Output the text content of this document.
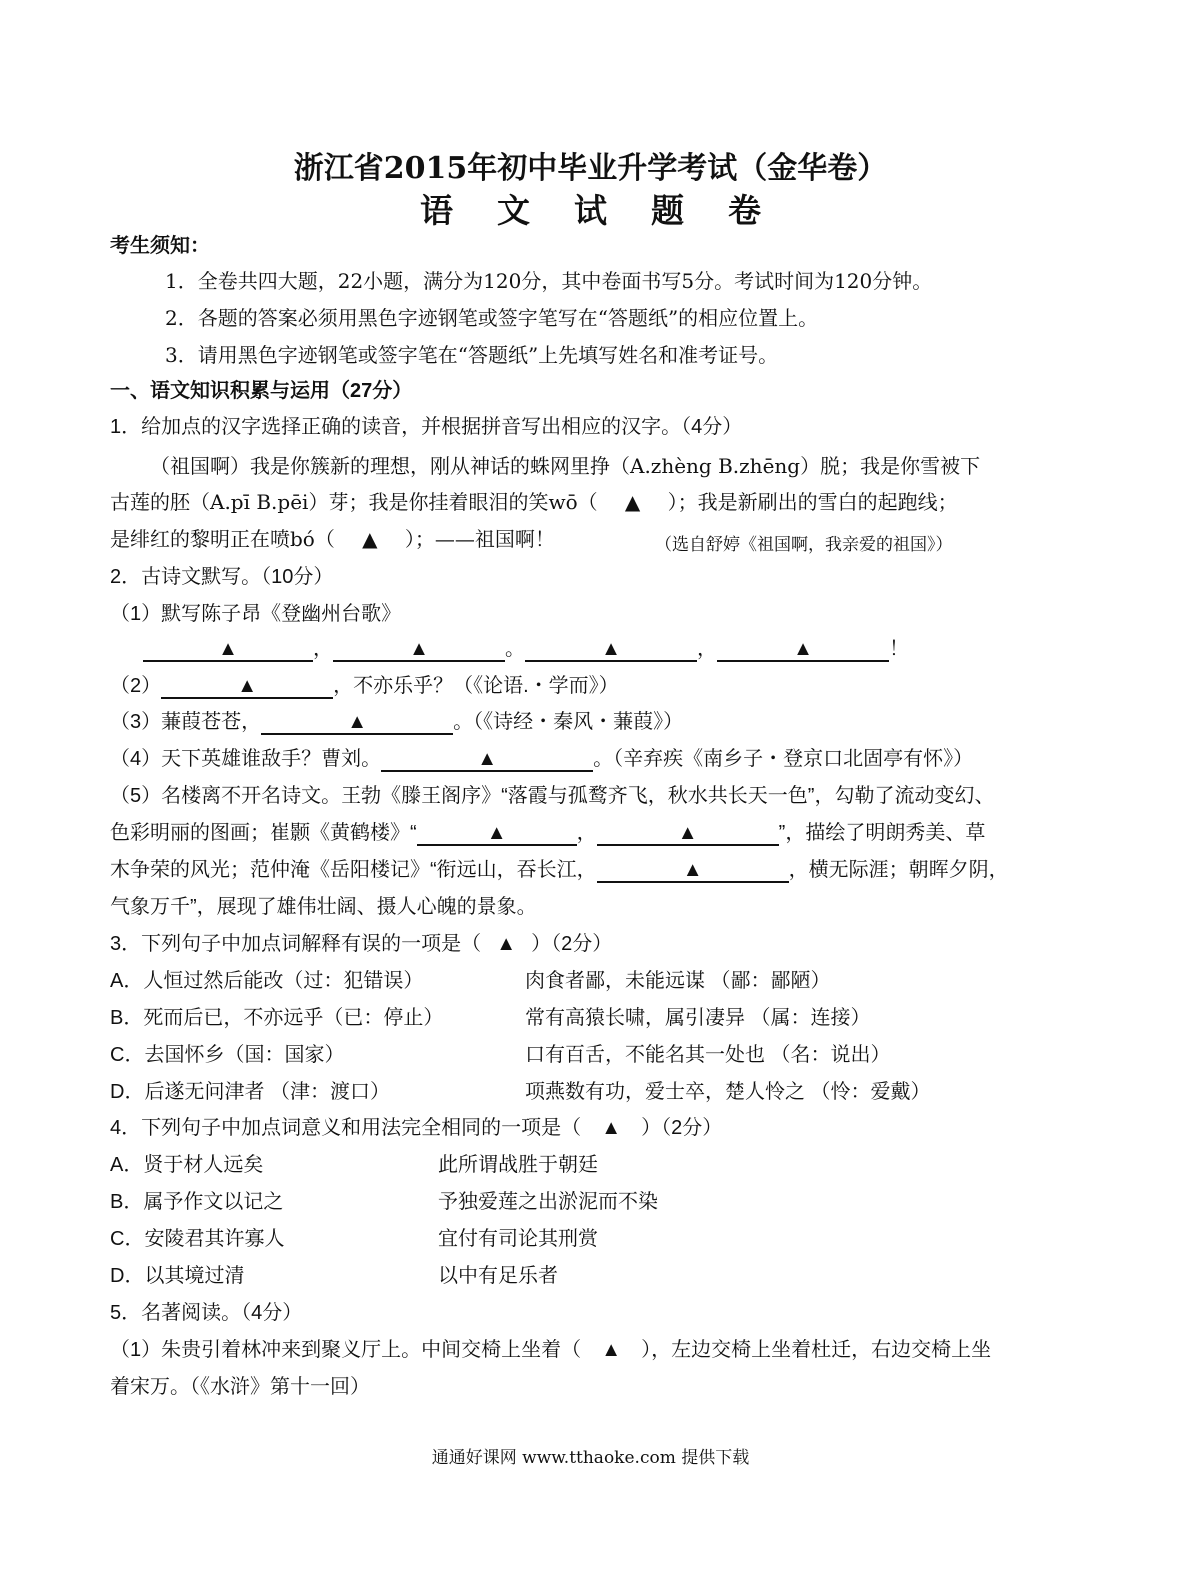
浙江省2015年初中毕业升学考试（金华卷）
语文试题卷
考生须知：
1．全卷共四大题，22小题，满分为120分，其中卷面书写5分。考试时间为120分钟。
2．各题的答案必须用黑色字迹钢笔或签字笔写在“答题纸”的相应位置上。
3．请用黑色字迹钢笔或签字笔在“答题纸”上先填写姓名和准考证号。
一、语文知识积累与运用（27分）
1．给加点的汉字选择正确的读音，并根据拼音写出相应的汉字。（4分）
（祖国啊）我是你簇新的理想，刚从神话的蛛网里挣（A.zhèng B.zhēng）脱；我是你雪被下
古莲的胚（A.pī B.pēi）芽；我是你挂着眼泪的笑wō（ ▲ ）；我是新刷出的雪白的起跑线；
是绯红的黎明正在喷bó（ ▲ ）；——祖国啊！	（选自舒婷《祖国啊，我亲爱的祖国》）
2．古诗文默写。（10分）
（1）默写陈子昂《登幽州台歌》
▲	，	▲	。	▲	，	▲	！
（2）	▲	，不亦乐乎？（《论语.・学而》）
（3）蒹葭苍苍，	▲	。（《诗经・秦风・蒹葭》）
（4）天下英雄谁敌手？曹刘。	▲	。（辛弃疾《南乡子・登京口北固亭有怀》）
（5）名楼离不开名诗文。王勃《滕王阁序》“落霞与孤鹜齐飞，秋水共长天一色”，勾勒了流动变幻、
色彩明丽的图画；崔颢《黄鹤楼》“	▲	，	▲	”，描绘了明朗秀美、草
木争荣的风光；范仲淹《岳阳楼记》“衔远山，吞长江，	▲	，横无际涯；朝晖夕阴，
气象万千”，展现了雄伟壮阔、摄人心魄的景象。
3．下列句子中加点词解释有误的一项是（ ▲ ）（2分）
A．人恒过然后能改（过：犯错误）	肉食者鄙，未能远谋 （鄙：鄙陋）
B．死而后已，不亦远乎（已：停止）	常有高猿长啸，属引凄异 （属：连接）
C．去国怀乡（国：国家）	口有百舌，不能名其一处也 （名：说出）
D．后遂无问津者 （津：渡口）	项燕数有功，爱士卒，楚人怜之 （怜：爱戴）
4．下列句子中加点词意义和用法完全相同的一项是（ ▲ ）（2分）
A．贤于材人远矣	此所谓战胜于朝廷
B．属予作文以记之	予独爱莲之出淤泥而不染
C．安陵君其许寡人	宜付有司论其刑赏
D．以其境过清	以中有足乐者
5．名著阅读。（4分）
（1）朱贵引着林冲来到聚义厅上。中间交椅上坐着（ ▲ ），左边交椅上坐着杜迁，右边交椅上坐
着宋万。（《水浒》第十一回）
通通好课网 www.tthaoke.com 提供下载
